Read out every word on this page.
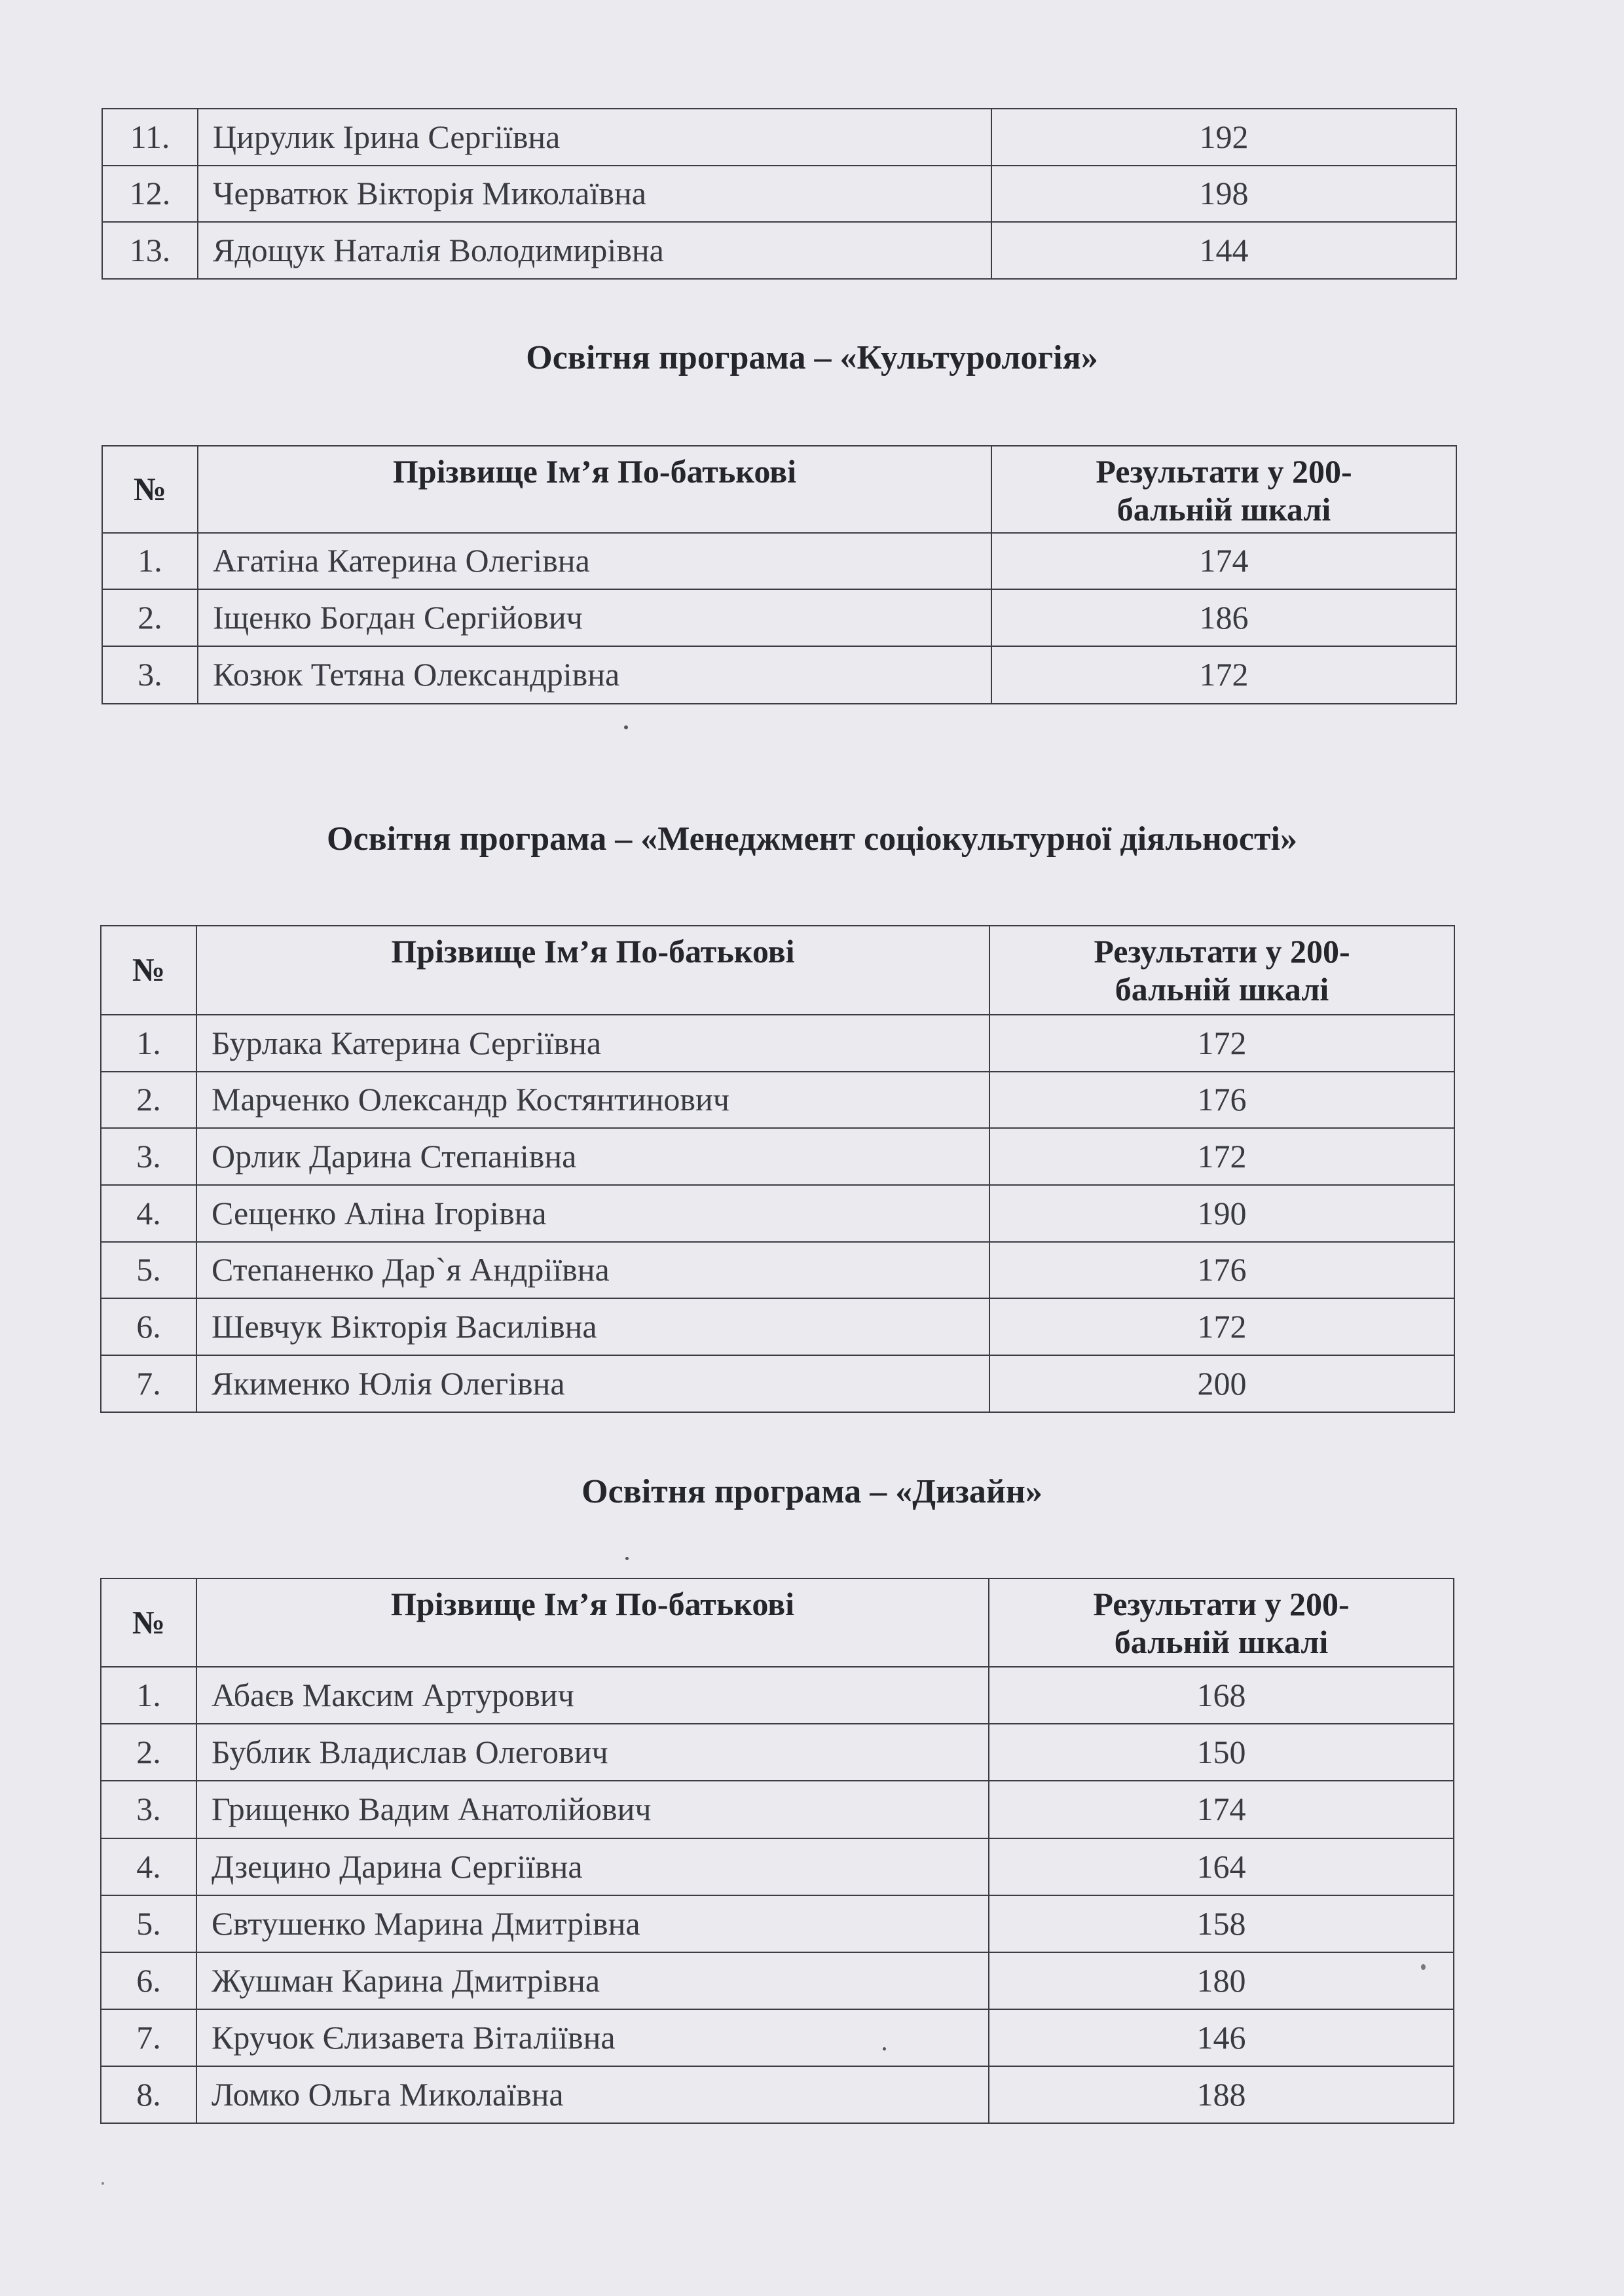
11.	Цирулик Ірина Сергіївна	192
12.	Черватюк Вікторія Миколаївна	198
13.	Ядощук Наталія Володимирівна	144
Освітня програма – «Культурологія»
№	Прізвище Ім’я По-батькові	Результати у 200-
бальній шкалі
1.	Агатіна Катерина Олегівна	174
2.	Іщенко Богдан Сергійович	186
3.	Козюк Тетяна Олександрівна	172
Освітня програма – «Менеджмент соціокультурної діяльності»
№	Прізвище Ім’я По-батькові	Результати у 200-
бальній шкалі
1.	Бурлака Катерина Сергіївна	172
2.	Марченко Олександр Костянтинович	176
3.	Орлик Дарина Степанівна	172
4.	Сещенко Аліна Ігорівна	190
5.	Степаненко Дар`я Андріївна	176
6.	Шевчук Вікторія Василівна	172
7.	Якименко Юлія Олегівна	200
Освітня програма – «Дизайн»
№	Прізвище Ім’я По-батькові	Результати у 200-
бальній шкалі
1.	Абаєв Максим Артурович	168
2.	Бублик Владислав Олегович	150
3.	Грищенко Вадим Анатолійович	174
4.	Дзецино Дарина Сергіївна	164
5.	Євтушенко Марина Дмитрівна	158
6.	Жушман Карина Дмитрівна	180
7.	Кручок Єлизавета Віталіївна	146
8.	Ломко Ольга Миколаївна	188
